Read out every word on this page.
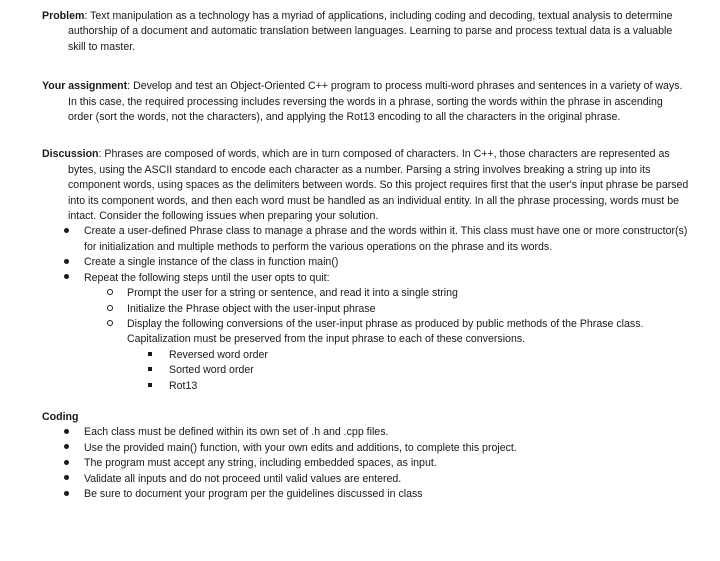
Problem: Text manipulation as a technology has a myriad of applications, including coding and decoding, textual analysis to determine authorship of a document and automatic translation between languages. Learning to parse and process textual data is a valuable skill to master.

Your assignment: Develop and test an Object-Oriented C++ program to process multi-word phrases and sentences in a variety of ways. In this case, the required processing includes reversing the words in a phrase, sorting the words within the phrase in ascending order (sort the words, not the characters), and applying the Rot13 encoding to all the characters in the original phrase.

Discussion: Phrases are composed of words, which are in turn composed of characters. In C++, those characters are represented as bytes, using the ASCII standard to encode each character as a number. Parsing a string involves breaking a string up into its component words, using spaces as the delimiters between words. So this project requires first that the user's input phrase be parsed into its component words, and then each word must be handled as an individual entity. In all the phrase processing, words must be intact. Consider the following issues when preparing your solution.

Create a user-defined Phrase class to manage a phrase and the words within it. This class must have one or more constructor(s) for initialization and multiple methods to perform the various operations on the phrase and its words.
Create a single instance of the class in function main()
Repeat the following steps until the user opts to quit:
Prompt the user for a string or sentence, and read it into a single string
Initialize the Phrase object with the user-input phrase
Display the following conversions of the user-input phrase as produced by public methods of the Phrase class. Capitalization must be preserved from the input phrase to each of these conversions.
Reversed word order
Sorted word order
Rot13

Coding

Each class must be defined within its own set of .h and .cpp files.
Use the provided main() function, with your own edits and additions, to complete this project.
The program must accept any string, including embedded spaces, as input.
Validate all inputs and do not proceed until valid values are entered.
Be sure to document your program per the guidelines discussed in class
